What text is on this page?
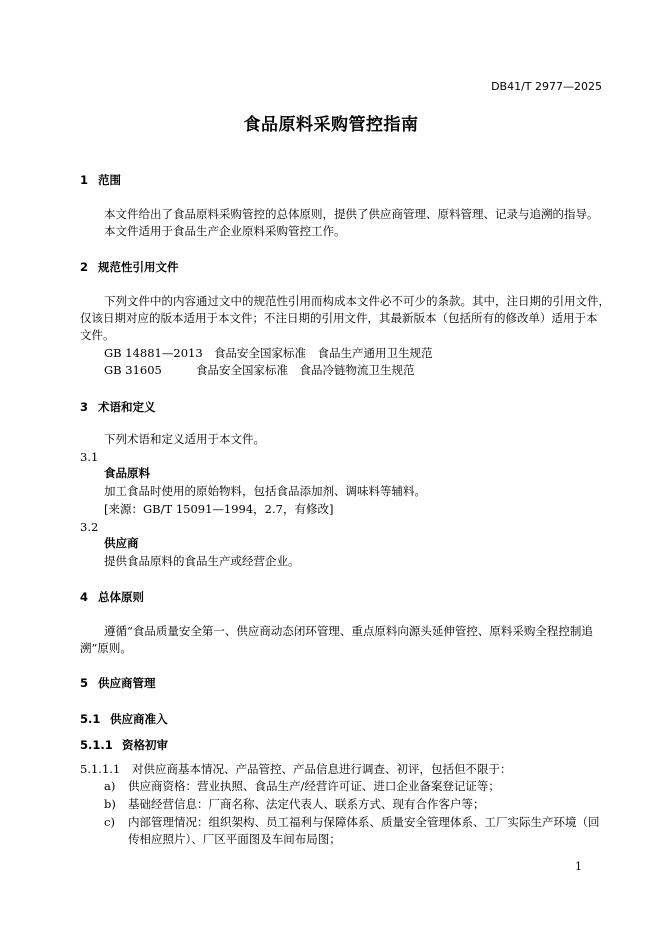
DB41/T 2977—2025
食品原料采购管控指南
1 范围
本文件给出了食品原料采购管控的总体原则，提供了供应商管理、原料管理、记录与追溯的指导。
本文件适用于食品生产企业原料采购管控工作。
2 规范性引用文件
下列文件中的内容通过文中的规范性引用而构成本文件必不可少的条款。其中，注日期的引用文件，
仅该日期对应的版本适用于本文件；不注日期的引用文件，其最新版本（包括所有的修改单）适用于本
文件。
GB 14881—2013 食品安全国家标准　食品生产通用卫生规范
GB 31605	食品安全国家标准　食品冷链物流卫生规范
3 术语和定义
下列术语和定义适用于本文件。
3.1
食品原料
加工食品时使用的原始物料，包括食品添加剂、调味料等辅料。
[来源：GB/T 15091—1994，2.7，有修改]
3.2
供应商
提供食品原料的食品生产或经营企业。
4 总体原则
遵循“食品质量安全第一、供应商动态闭环管理、重点原料向源头延伸管控、原料采购全程控制追
溯”原则。
5 供应商管理
5.1 供应商准入
5.1.1 资格初审
5.1.1.1 对供应商基本情况、产品管控、产品信息进行调查、初评，包括但不限于：
a) 供应商资格：营业执照、食品生产/经营许可证、进口企业备案登记证等；
b) 基础经营信息：厂商名称、法定代表人、联系方式、现有合作客户等；
c) 内部管理情况：组织架构、员工福利与保障体系、质量安全管理体系、工厂实际生产环境（回
传相应照片）、厂区平面图及车间布局图；
1
